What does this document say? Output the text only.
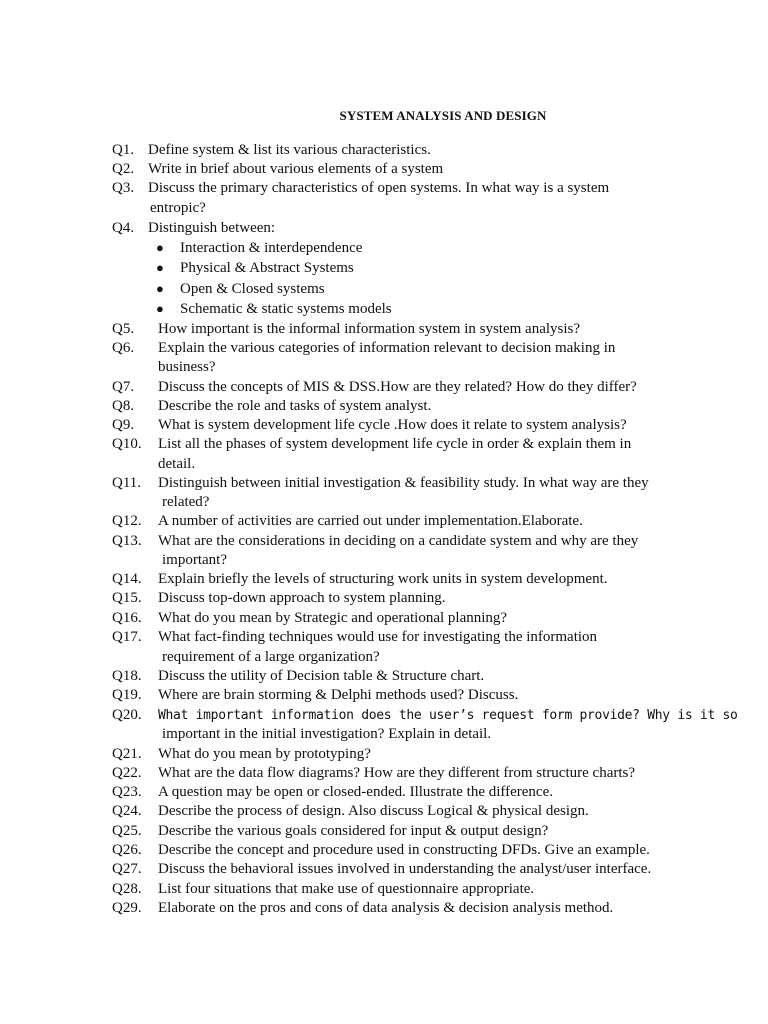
SYSTEM ANALYSIS AND DESIGN
Q1. Define system & list its various characteristics.
Q2. Write in brief about various elements of a system
Q3. Discuss the primary characteristics of open systems. In what way is a system
entropic?
Q4. Distinguish between:
● Interaction & interdependence
● Physical & Abstract Systems
● Open & Closed systems
● Schematic & static systems models
Q5. How important is the informal information system in system analysis?
Q6. Explain the various categories of information relevant to decision making in
business?
Q7. Discuss the concepts of MIS & DSS.How are they related? How do they differ?
Q8. Describe the role and tasks of system analyst.
Q9. What is system development life cycle .How does it relate to system analysis?
Q10. List all the phases of system development life cycle in order & explain them in
detail.
Q11. Distinguish between initial investigation & feasibility study. In what way are they
related?
Q12. A number of activities are carried out under implementation.Elaborate.
Q13. What are the considerations in deciding on a candidate system and why are they
important?
Q14. Explain briefly the levels of structuring work units in system development.
Q15. Discuss top-down approach to system planning.
Q16. What do you mean by Strategic and operational planning?
Q17. What fact-finding techniques would use for investigating the information
requirement of a large organization?
Q18. Discuss the utility of Decision table & Structure chart.
Q19. Where are brain storming & Delphi methods used? Discuss.
Q20. What important information does the user’s request form provide? Why is it so
important in the initial investigation? Explain in detail.
Q21. What do you mean by prototyping?
Q22. What are the data flow diagrams? How are they different from structure charts?
Q23. A question may be open or closed-ended. Illustrate the difference.
Q24. Describe the process of design. Also discuss Logical & physical design.
Q25. Describe the various goals considered for input & output design?
Q26. Describe the concept and procedure used in constructing DFDs. Give an example.
Q27. Discuss the behavioral issues involved in understanding the analyst/user interface.
Q28. List four situations that make use of questionnaire appropriate.
Q29. Elaborate on the pros and cons of data analysis & decision analysis method.
